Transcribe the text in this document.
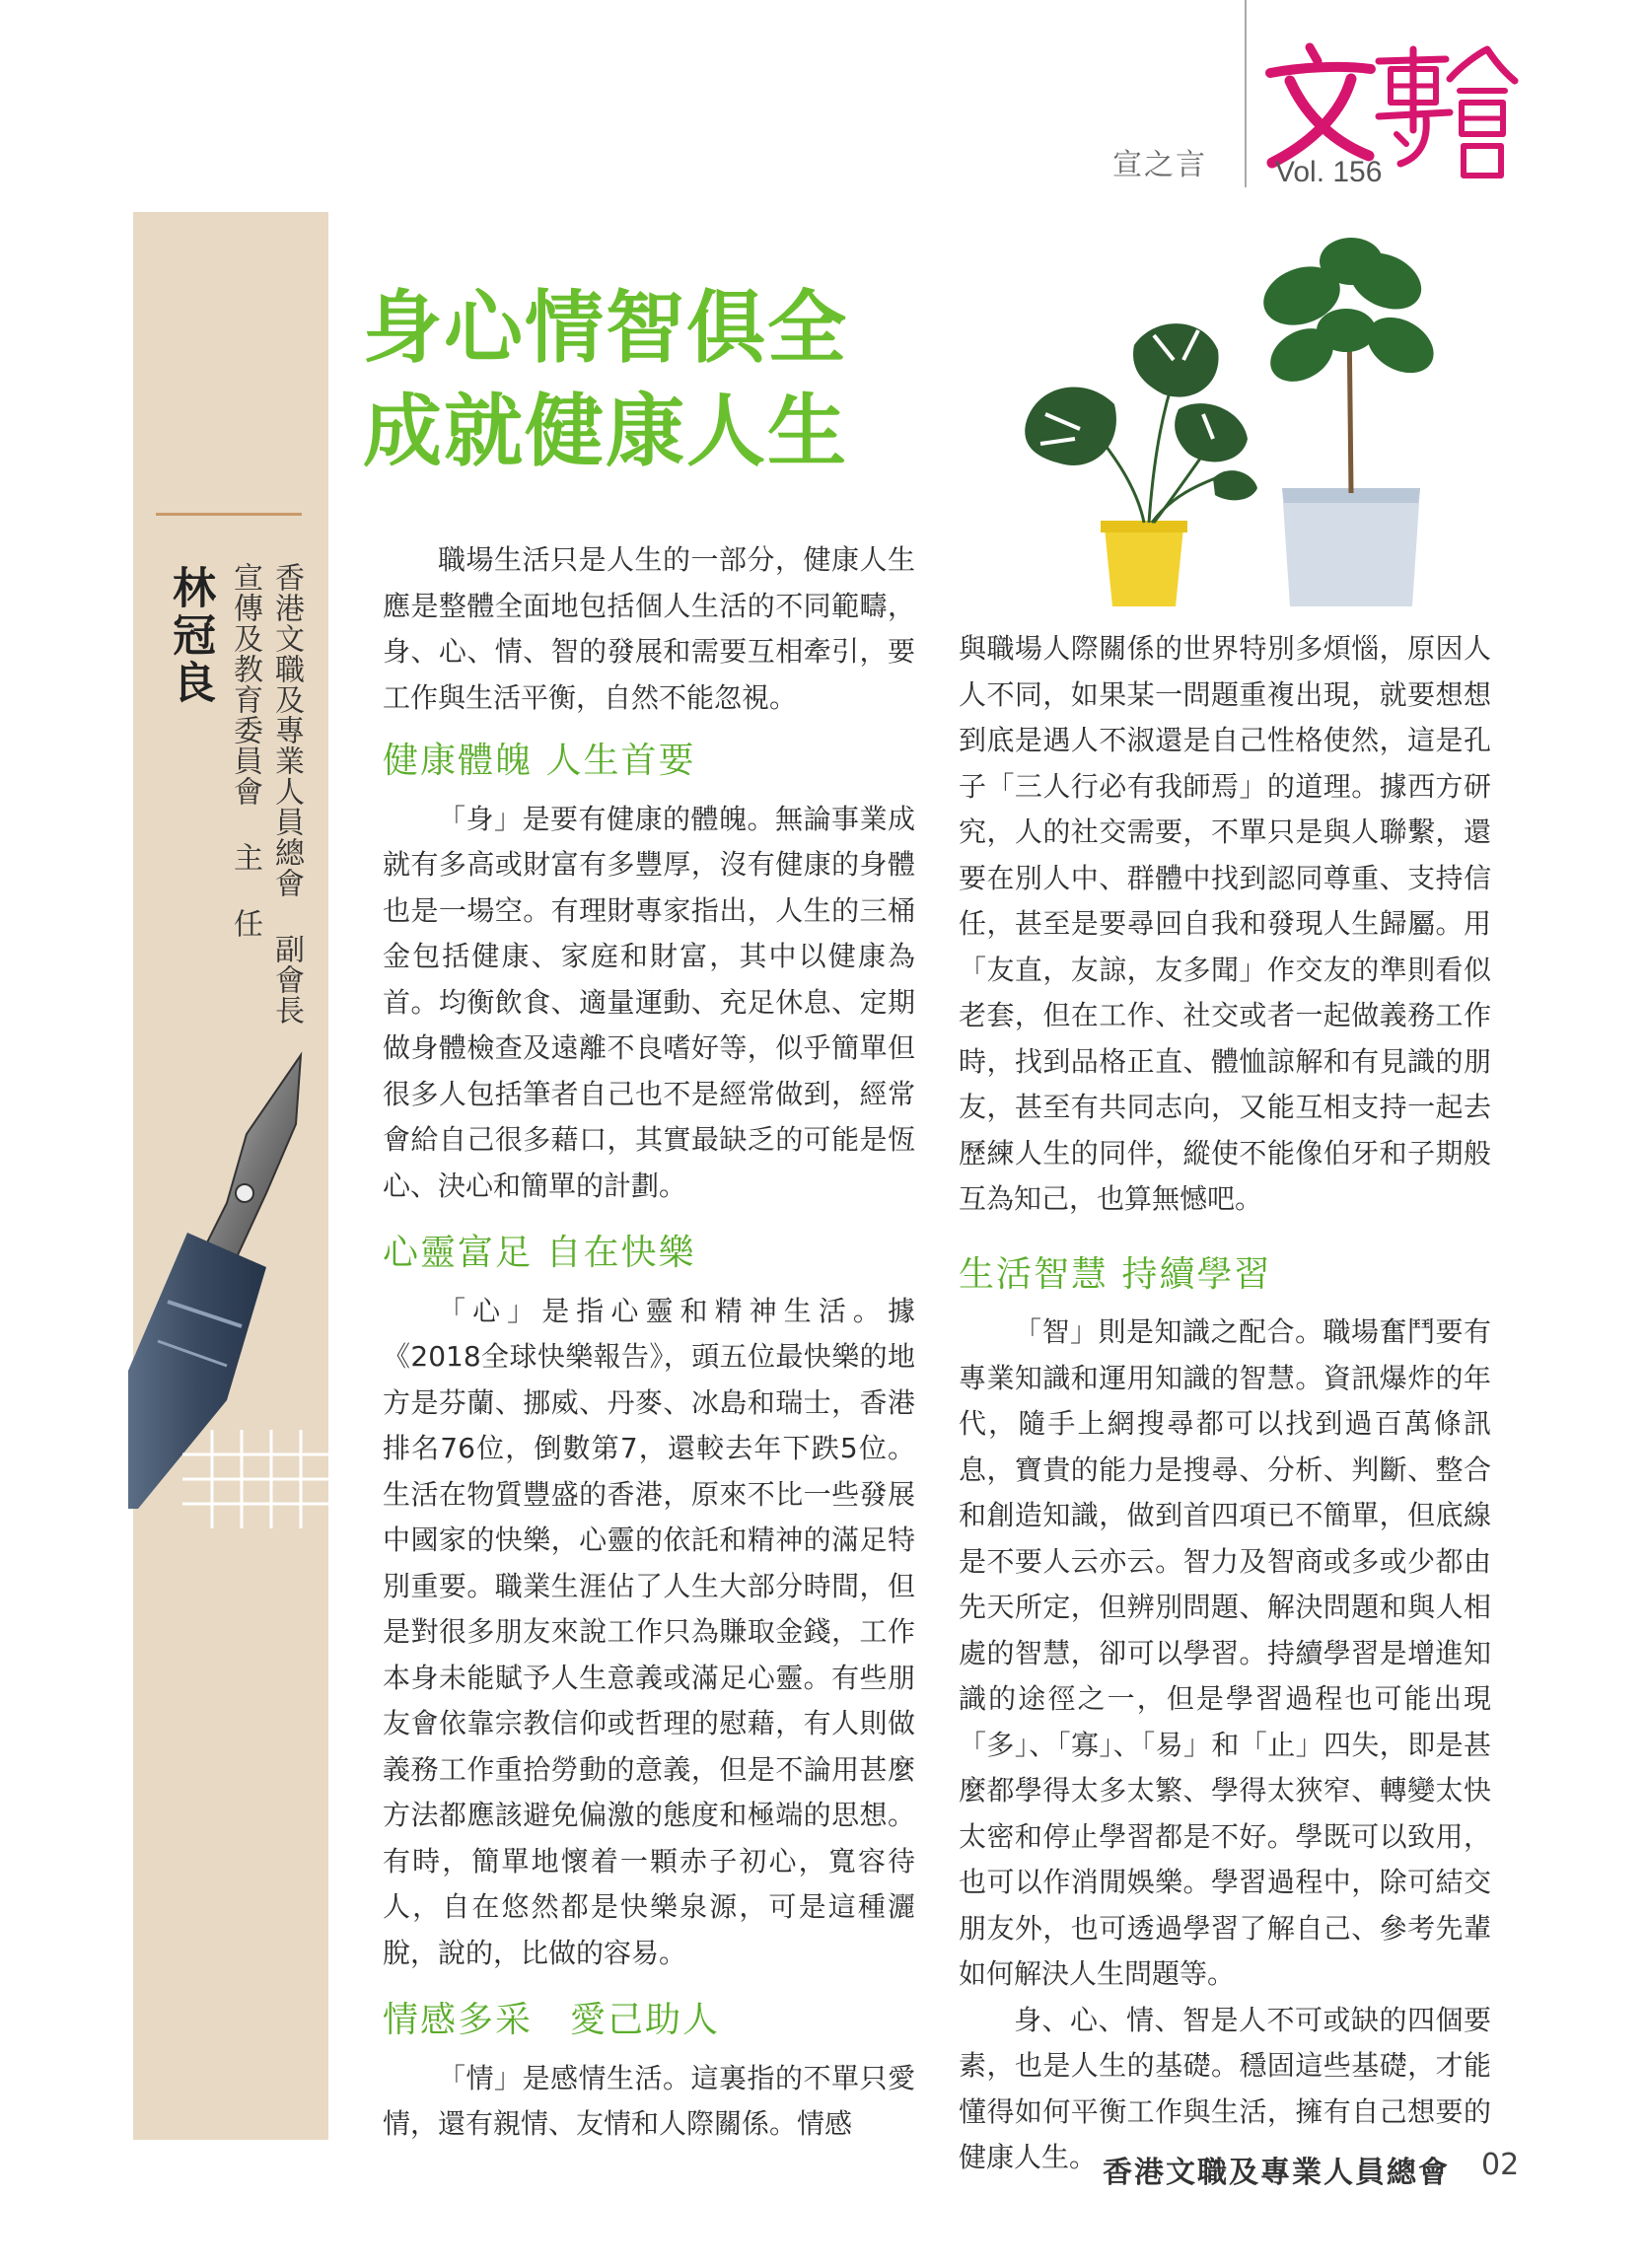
宣之言 Vol. 156
林冠良 香港文職及專業人員總會 副會長
宣傳及教育委員會 主 任
身心情智俱全
成就健康人生

職場生活只是人生的一部分，健康人生應是整體全面地包括個人生活的不同範疇，身、心、情、智的發展和需要互相牽引，要工作與生活平衡，自然不能忽視。

健康體魄 人生首要

「身」是要有健康的體魄。無論事業成就有多高或財富有多豐厚，沒有健康的身體也是一場空。有理財專家指出，人生的三桶金包括健康、家庭和財富，其中以健康為首。均衡飲食、適量運動、充足休息、定期做身體檢查及遠離不良嗜好等，似乎簡單但很多人包括筆者自己也不是經常做到，經常會給自己很多藉口，其實最缺乏的可能是恆心、決心和簡單的計劃。

心靈富足 自在快樂

「心」是指心靈和精神生活。據《2018全球快樂報告》，頭五位最快樂的地方是芬蘭、挪威、丹麥、冰島和瑞士，香港排名76位，倒數第7，還較去年下跌5位。生活在物質豐盛的香港，原來不比一些發展中國家的快樂，心靈的依託和精神的滿足特別重要。職業生涯佔了人生大部分時間，但是對很多朋友來說工作只為賺取金錢，工作本身未能賦予人生意義或滿足心靈。有些朋友會依靠宗教信仰或哲理的慰藉，有人則做義務工作重拾勞動的意義，但是不論用甚麼方法都應該避免偏激的態度和極端的思想。有時，簡單地懷着一顆赤子初心，寬容待人，自在悠然都是快樂泉源，可是這種灑脫，說的，比做的容易。

情感多采　愛己助人

「情」是感情生活。這裏指的不單只愛情，還有親情、友情和人際關係。情感

與職場人際關係的世界特別多煩惱，原因人人不同，如果某一問題重複出現，就要想想到底是遇人不淑還是自己性格使然，這是孔子「三人行必有我師焉」的道理。據西方研究，人的社交需要，不單只是與人聯繫，還要在別人中、群體中找到認同尊重、支持信任，甚至是要尋回自我和發現人生歸屬。用「友直，友諒，友多聞」作交友的準則看似老套，但在工作、社交或者一起做義務工作時，找到品格正直、體恤諒解和有見識的朋友，甚至有共同志向，又能互相支持一起去歷練人生的同伴，縱使不能像伯牙和子期般互為知己，也算無憾吧。

生活智慧 持續學習

「智」則是知識之配合。職場奮鬥要有專業知識和運用知識的智慧。資訊爆炸的年代，隨手上網搜尋都可以找到過百萬條訊息，寶貴的能力是搜尋、分析、判斷、整合和創造知識，做到首四項已不簡單，但底線是不要人云亦云。智力及智商或多或少都由先天所定，但辨別問題、解決問題和與人相處的智慧，卻可以學習。持續學習是增進知識的途徑之一，但是學習過程也可能出現「多」、「寡」、「易」和「止」四失，即是甚麼都學得太多太繁、學得太狹窄、轉變太快太密和停止學習都是不好。學既可以致用，也可以作消閒娛樂。學習過程中，除可結交朋友外，也可透過學習了解自己、參考先輩如何解決人生問題等。

身、心、情、智是人不可或缺的四個要素，也是人生的基礎。穩固這些基礎，才能懂得如何平衡工作與生活，擁有自己想要的健康人生。 香港文職及專業人員總會 02
